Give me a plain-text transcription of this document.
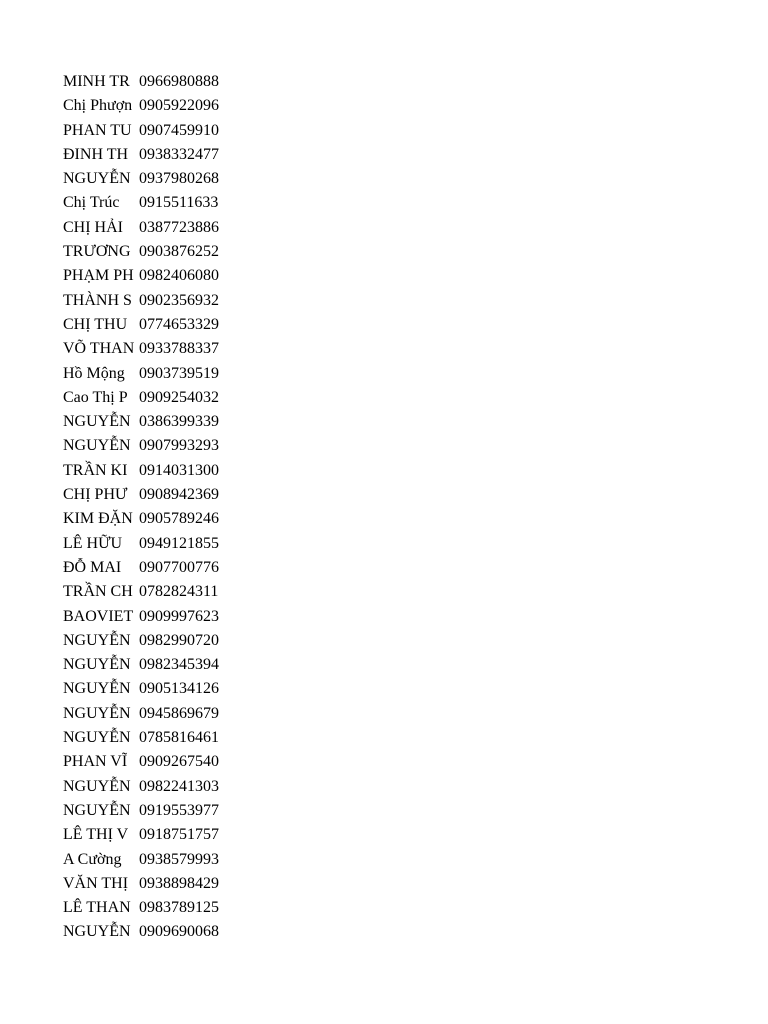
MINH TR 0966980888
Chị Phượn 0905922096
PHAN TU 0907459910
ĐINH TH 0938332477
NGUYỄN 0937980268
Chị Trúc	0915511633
CHỊ HẢI	0387723886
TRƯƠNG 0903876252
PHẠM PH 0982406080
THÀNH S 0902356932
CHỊ THU 0774653329
VÕ THAN 0933788337
Hồ Mộng 0903739519
Cao Thị P 0909254032
NGUYỄN 0386399339
NGUYỄN 0907993293
TRẦN KI 0914031300
CHỊ PHƯ 0908942369
KIM ĐẶN 0905789246
LÊ HỮU	0949121855
ĐỖ MAI	0907700776
TRẦN CH 0782824311
BAOVIET 0909997623
NGUYỄN 0982990720
NGUYỄN 0982345394
NGUYỄN 0905134126
NGUYỄN 0945869679
NGUYỄN 0785816461
PHAN VĨ 0909267540
NGUYỄN 0982241303
NGUYỄN 0919553977
LÊ THỊ V 0918751757
A Cường	0938579993
VĂN THỊ 0938898429
LÊ THAN 0983789125
NGUYỄN 0909690068
